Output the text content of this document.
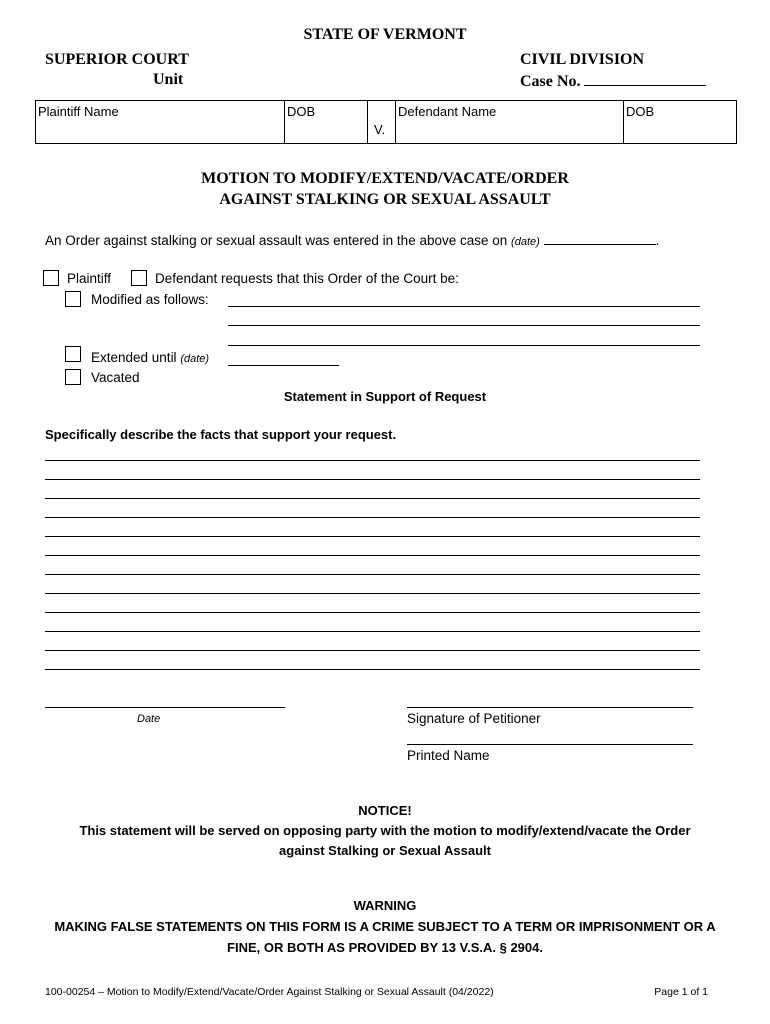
STATE OF VERMONT
SUPERIOR COURT
Unit
CIVIL DIVISION
Case No.
Plaintiff Name	DOB
V.
Defendant Name	DOB
MOTION TO MODIFY/EXTEND/VACATE/ORDER
AGAINST STALKING OR SEXUAL ASSAULT
An Order against stalking or sexual assault was entered in the above case on (date)	.
Plaintiff	Defendant requests that this Order of the Court be:
Modified as follows:
Extended until (date)
Vacated
Statement in Support of Request
Specifically describe the facts that support your request.
Date	Signature of Petitioner
Printed Name
NOTICE!
This statement will be served on opposing party with the motion to modify/extend/vacate the Order
against Stalking or Sexual Assault
WARNING
MAKING FALSE STATEMENTS ON THIS FORM IS A CRIME SUBJECT TO A TERM OR IMPRISONMENT OR A
FINE, OR BOTH AS PROVIDED BY 13 V.S.A. § 2904.
100-00254 – Motion to Modify/Extend/Vacate/Order Against Stalking or Sexual Assault (04/2022)	Page 1 of 1
